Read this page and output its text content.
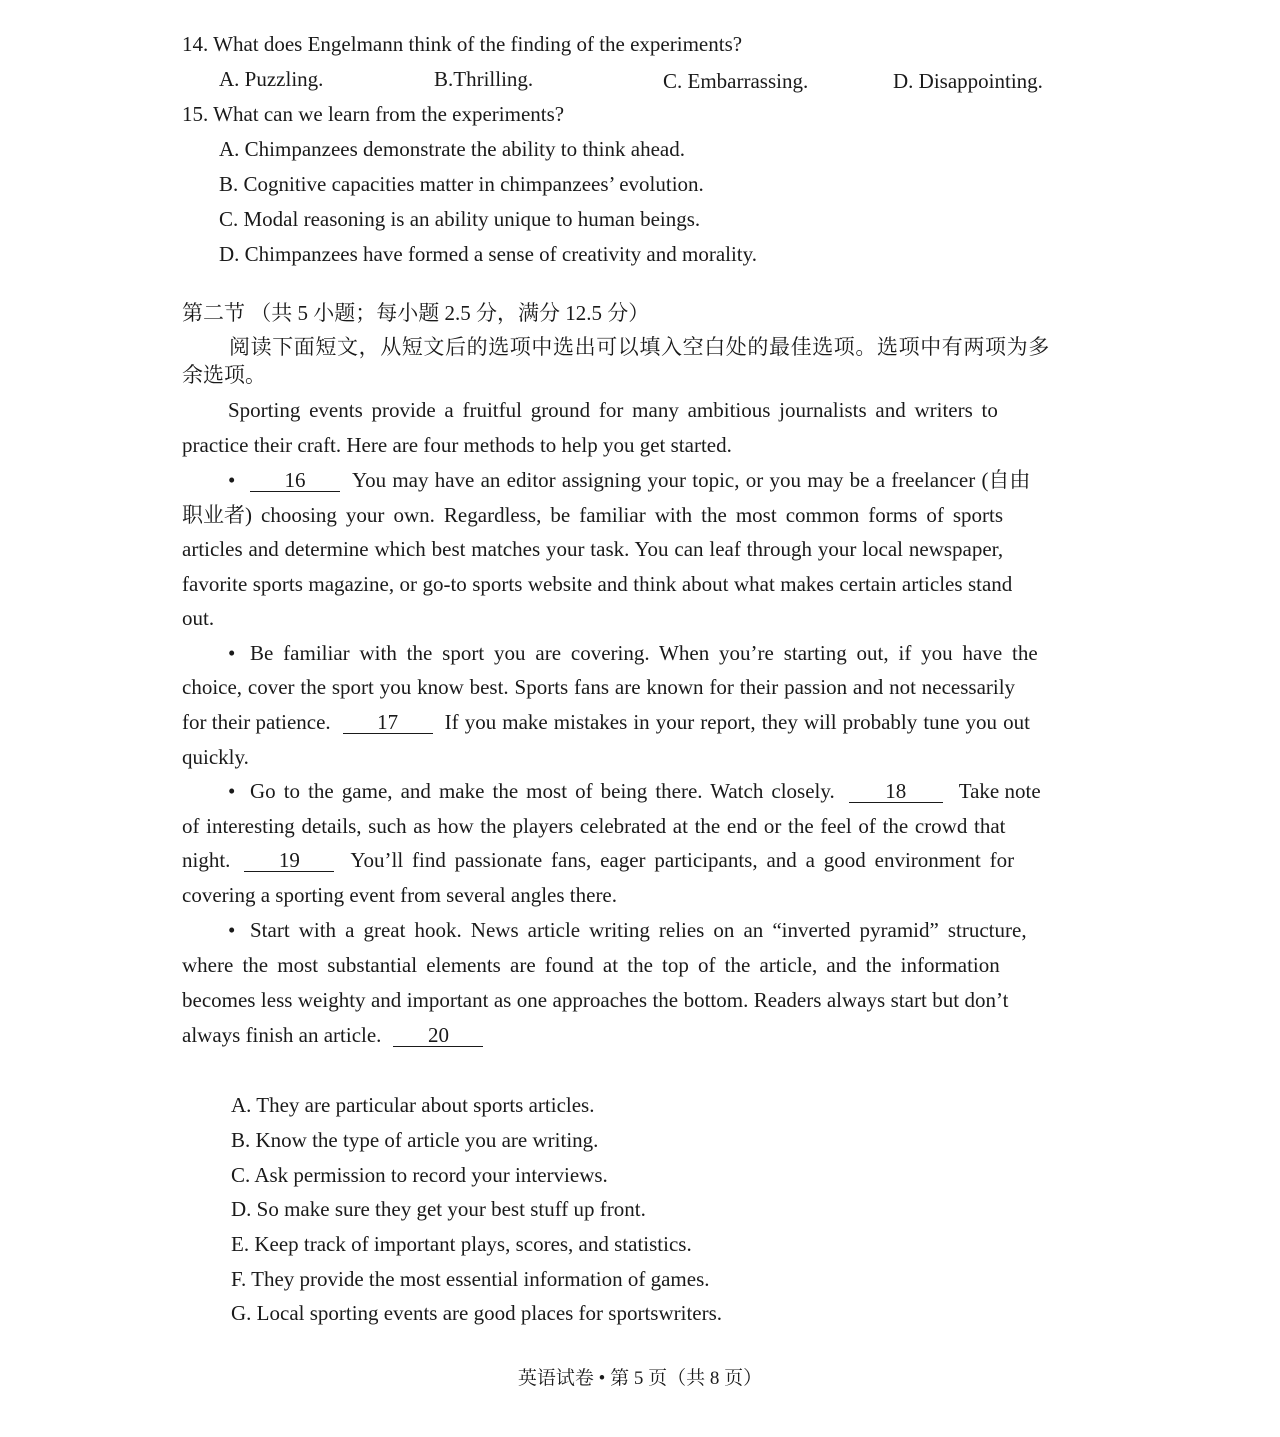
14. What does Engelmann think of the finding of the experiments?
A. Puzzling.	B.Thrilling.	C. Embarrassing.	D. Disappointing.
15. What can we learn from the experiments?
A. Chimpanzees demonstrate the ability to think ahead.
B. Cognitive capacities matter in chimpanzees’ evolution.
C. Modal reasoning is an ability unique to human beings.
D. Chimpanzees have formed a sense of creativity and morality.
第二节 （共 5 小题；每小题 2.5 分，满分 12.5 分）
阅读下面短文，从短文后的选项中选出可以填入空白处的最佳选项。选项中有两项为多
余选项。
Sporting events provide a fruitful ground for many ambitious journalists and writers to
practice their craft. Here are four methods to help you get started.
•	16	You may have an editor assigning your topic, or you may be a freelancer (自由
职业者) choosing your own. Regardless, be familiar with the most common forms of sports
articles and determine which best matches your task. You can leaf through your local newspaper,
favorite sports magazine, or go-to sports website and think about what makes certain articles stand
out.
• Be familiar with the sport you are covering. When you’re starting out, if you have the
choice, cover the sport you know best. Sports fans are known for their passion and not necessarily
for their patience.	17	If you make mistakes in your report, they will probably tune you out
quickly.
• Go to the game, and make the most of being there. Watch closely.	18	Take note
of interesting details, such as how the players celebrated at the end or the feel of the crowd that
night.	19	You’ll find passionate fans, eager participants, and a good environment for
covering a sporting event from several angles there.
• Start with a great hook. News article writing relies on an “inverted pyramid” structure,
where the most substantial elements are found at the top of the article, and the information
becomes less weighty and important as one approaches the bottom. Readers always start but don’t
always finish an article.	20
A. They are particular about sports articles.
B. Know the type of article you are writing.
C. Ask permission to record your interviews.
D. So make sure they get your best stuff up front.
E. Keep track of important plays, scores, and statistics.
F. They provide the most essential information of games.
G. Local sporting events are good places for sportswriters.
英语试卷 • 第 5 页（共 8 页）
